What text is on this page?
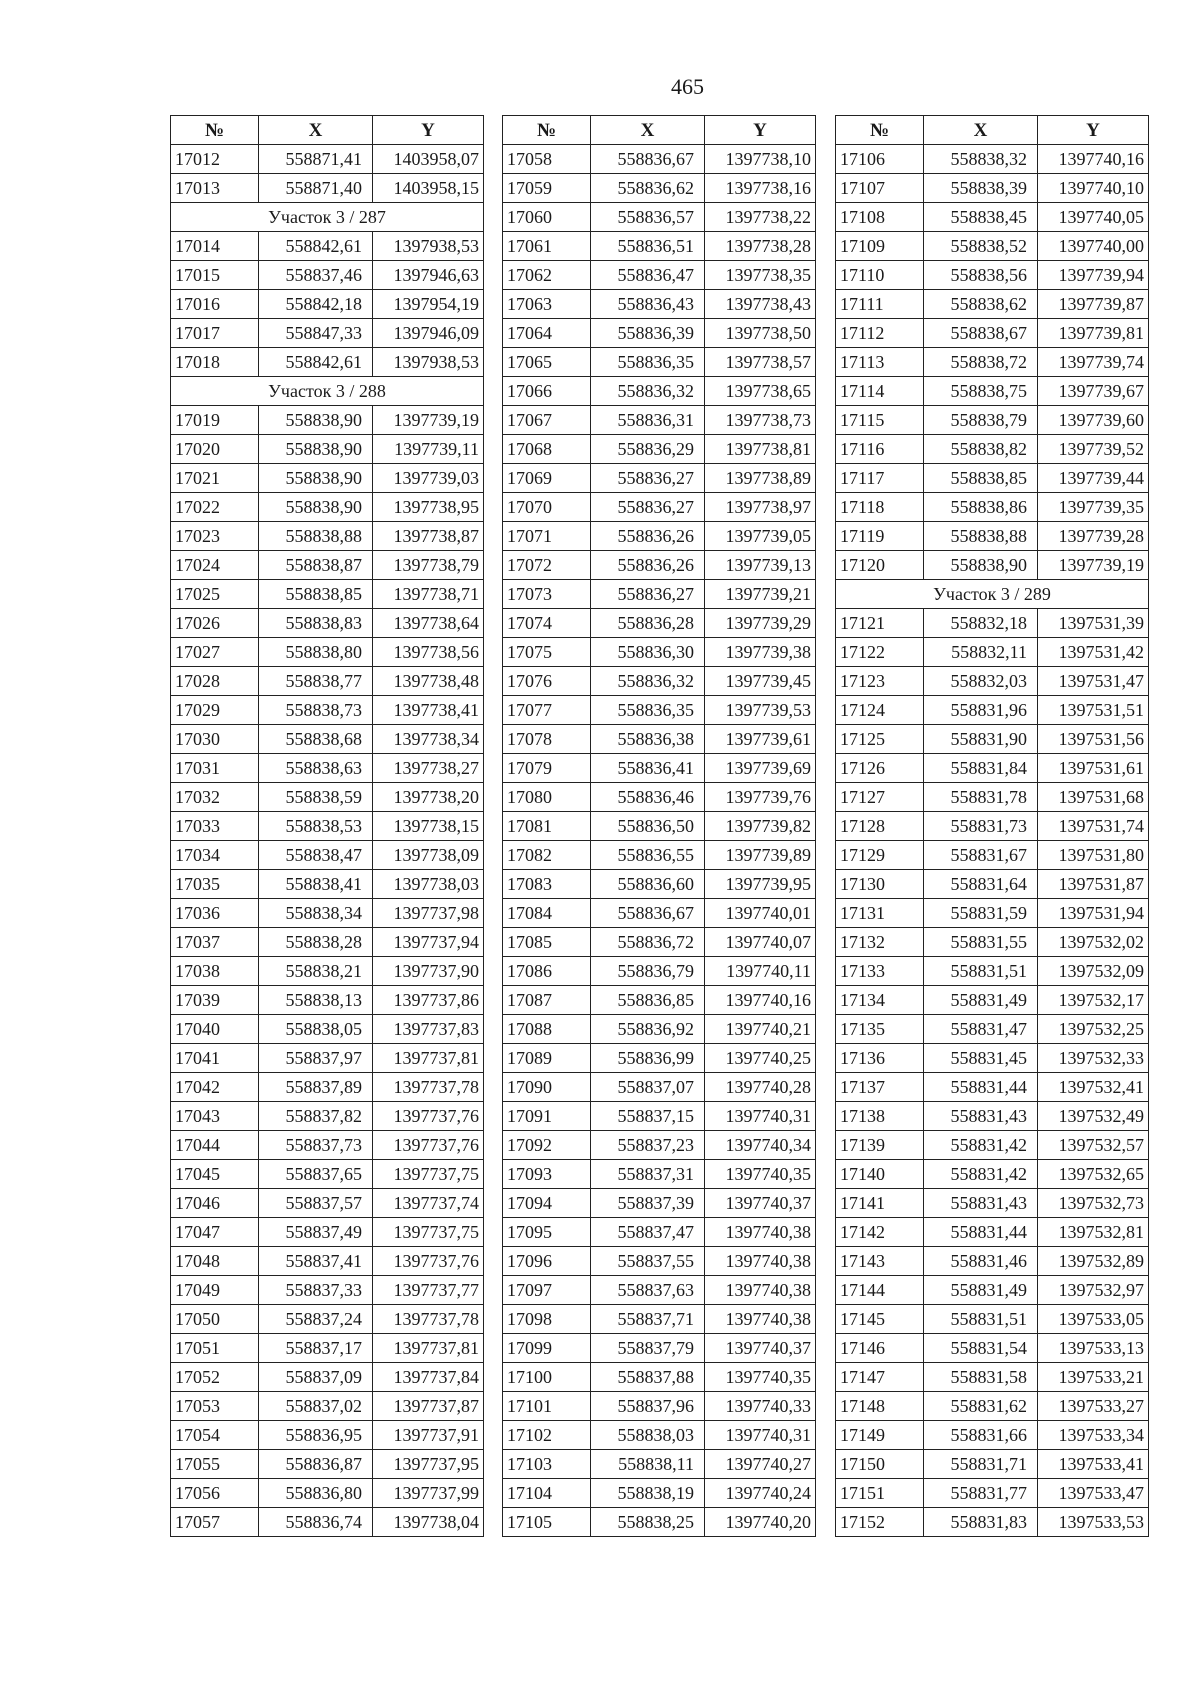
465
№	X	Y
17012	558871,41	1403958,07
17013	558871,40	1403958,15
Участок 3 / 287		
17014	558842,61	1397938,53
17015	558837,46	1397946,63
17016	558842,18	1397954,19
17017	558847,33	1397946,09
17018	558842,61	1397938,53
Участок 3 / 288		
17019	558838,90	1397739,19
17020	558838,90	1397739,11
17021	558838,90	1397739,03
17022	558838,90	1397738,95
17023	558838,88	1397738,87
17024	558838,87	1397738,79
17025	558838,85	1397738,71
17026	558838,83	1397738,64
17027	558838,80	1397738,56
17028	558838,77	1397738,48
17029	558838,73	1397738,41
17030	558838,68	1397738,34
17031	558838,63	1397738,27
17032	558838,59	1397738,20
17033	558838,53	1397738,15
17034	558838,47	1397738,09
17035	558838,41	1397738,03
17036	558838,34	1397737,98
17037	558838,28	1397737,94
17038	558838,21	1397737,90
17039	558838,13	1397737,86
17040	558838,05	1397737,83
17041	558837,97	1397737,81
17042	558837,89	1397737,78
17043	558837,82	1397737,76
17044	558837,73	1397737,76
17045	558837,65	1397737,75
17046	558837,57	1397737,74
17047	558837,49	1397737,75
17048	558837,41	1397737,76
17049	558837,33	1397737,77
17050	558837,24	1397737,78
17051	558837,17	1397737,81
17052	558837,09	1397737,84
17053	558837,02	1397737,87
17054	558836,95	1397737,91
17055	558836,87	1397737,95
17056	558836,80	1397737,99
17057	558836,74	1397738,04
№	X	Y
17058	558836,67	1397738,10
17059	558836,62	1397738,16
17060	558836,57	1397738,22
17061	558836,51	1397738,28
17062	558836,47	1397738,35
17063	558836,43	1397738,43
17064	558836,39	1397738,50
17065	558836,35	1397738,57
17066	558836,32	1397738,65
17067	558836,31	1397738,73
17068	558836,29	1397738,81
17069	558836,27	1397738,89
17070	558836,27	1397738,97
17071	558836,26	1397739,05
17072	558836,26	1397739,13
17073	558836,27	1397739,21
17074	558836,28	1397739,29
17075	558836,30	1397739,38
17076	558836,32	1397739,45
17077	558836,35	1397739,53
17078	558836,38	1397739,61
17079	558836,41	1397739,69
17080	558836,46	1397739,76
17081	558836,50	1397739,82
17082	558836,55	1397739,89
17083	558836,60	1397739,95
17084	558836,67	1397740,01
17085	558836,72	1397740,07
17086	558836,79	1397740,11
17087	558836,85	1397740,16
17088	558836,92	1397740,21
17089	558836,99	1397740,25
17090	558837,07	1397740,28
17091	558837,15	1397740,31
17092	558837,23	1397740,34
17093	558837,31	1397740,35
17094	558837,39	1397740,37
17095	558837,47	1397740,38
17096	558837,55	1397740,38
17097	558837,63	1397740,38
17098	558837,71	1397740,38
17099	558837,79	1397740,37
17100	558837,88	1397740,35
17101	558837,96	1397740,33
17102	558838,03	1397740,31
17103	558838,11	1397740,27
17104	558838,19	1397740,24
17105	558838,25	1397740,20
№	X	Y
17106	558838,32	1397740,16
17107	558838,39	1397740,10
17108	558838,45	1397740,05
17109	558838,52	1397740,00
17110	558838,56	1397739,94
17111	558838,62	1397739,87
17112	558838,67	1397739,81
17113	558838,72	1397739,74
17114	558838,75	1397739,67
17115	558838,79	1397739,60
17116	558838,82	1397739,52
17117	558838,85	1397739,44
17118	558838,86	1397739,35
17119	558838,88	1397739,28
17120	558838,90	1397739,19
Участок 3 / 289		
17121	558832,18	1397531,39
17122	558832,11	1397531,42
17123	558832,03	1397531,47
17124	558831,96	1397531,51
17125	558831,90	1397531,56
17126	558831,84	1397531,61
17127	558831,78	1397531,68
17128	558831,73	1397531,74
17129	558831,67	1397531,80
17130	558831,64	1397531,87
17131	558831,59	1397531,94
17132	558831,55	1397532,02
17133	558831,51	1397532,09
17134	558831,49	1397532,17
17135	558831,47	1397532,25
17136	558831,45	1397532,33
17137	558831,44	1397532,41
17138	558831,43	1397532,49
17139	558831,42	1397532,57
17140	558831,42	1397532,65
17141	558831,43	1397532,73
17142	558831,44	1397532,81
17143	558831,46	1397532,89
17144	558831,49	1397532,97
17145	558831,51	1397533,05
17146	558831,54	1397533,13
17147	558831,58	1397533,21
17148	558831,62	1397533,27
17149	558831,66	1397533,34
17150	558831,71	1397533,41
17151	558831,77	1397533,47
17152	558831,83	1397533,53
